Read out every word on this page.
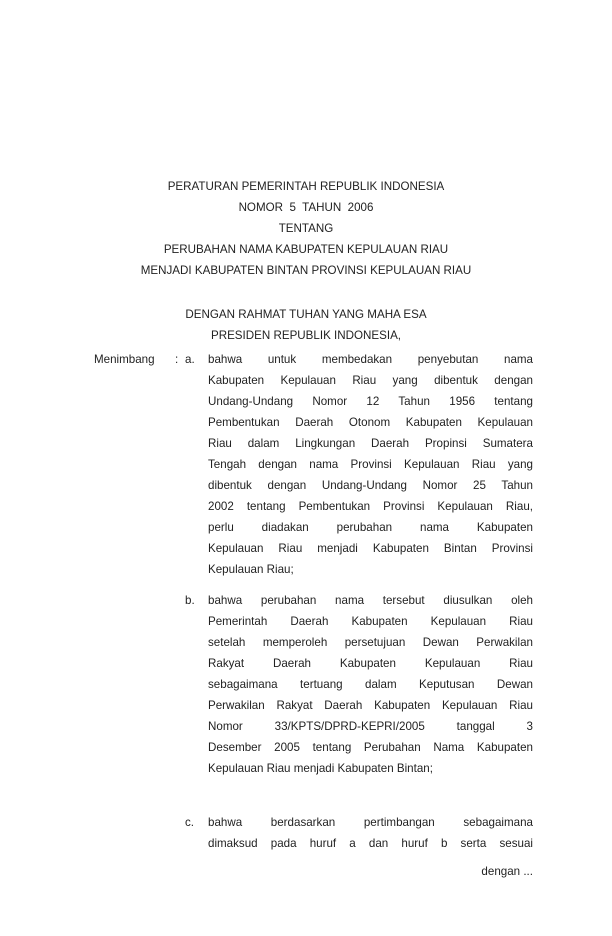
PERATURAN PEMERINTAH REPUBLIK INDONESIA
NOMOR  5  TAHUN  2006
TENTANG
PERUBAHAN NAMA KABUPATEN KEPULAUAN RIAU
MENJADI KABUPATEN BINTAN PROVINSI KEPULAUAN RIAU
DENGAN RAHMAT TUHAN YANG MAHA ESA
PRESIDEN REPUBLIK INDONESIA,
Menimbang : a. bahwa untuk membedakan penyebutan nama
Kabupaten Kepulauan Riau yang dibentuk dengan
Undang-Undang Nomor 12 Tahun 1956 tentang
Pembentukan Daerah Otonom Kabupaten Kepulauan
Riau dalam Lingkungan Daerah Propinsi Sumatera
Tengah dengan nama Provinsi Kepulauan Riau yang
dibentuk dengan Undang-Undang Nomor 25 Tahun
2002 tentang Pembentukan Provinsi Kepulauan Riau,
perlu diadakan perubahan nama Kabupaten
Kepulauan Riau menjadi Kabupaten Bintan Provinsi
Kepulauan Riau;
b. bahwa perubahan nama tersebut diusulkan oleh
Pemerintah Daerah Kabupaten Kepulauan Riau
setelah memperoleh persetujuan Dewan Perwakilan
Rakyat Daerah Kabupaten Kepulauan Riau
sebagaimana tertuang dalam Keputusan Dewan
Perwakilan Rakyat Daerah Kabupaten Kepulauan Riau
Nomor 33/KPTS/DPRD-KEPRI/2005 tanggal 3
Desember 2005 tentang Perubahan Nama Kabupaten
Kepulauan Riau menjadi Kabupaten Bintan;
c. bahwa berdasarkan pertimbangan sebagaimana
dimaksud pada huruf a dan huruf b serta sesuai
dengan ...
